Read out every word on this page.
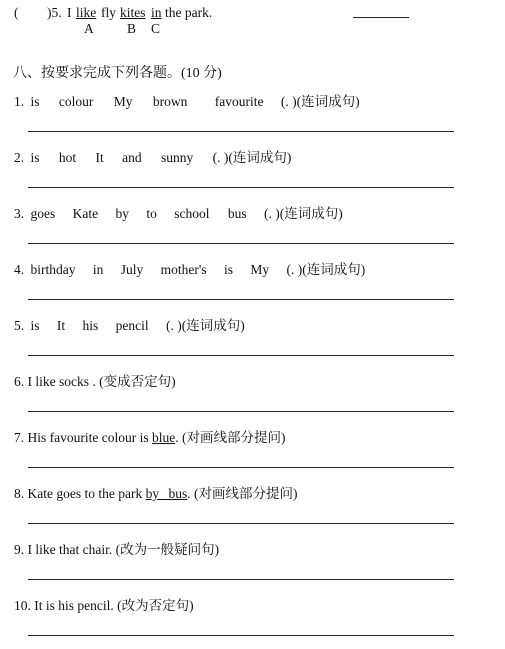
( )5. I like fly kites in the park.
A B C
八、按要求完成下列各题。(10 分)
1. is colour My brown favourite (. )(连词成句)
2. is hot It and sunny (. )(连词成句)
3. goes Kate by to school bus (. )(连词成句)
4. birthday in July mother's is My (. )(连词成句)
5. is It his pencil (. )(连词成句)
6. I like socks . (变成否定句)
7. His favourite colour is blue. (对画线部分提问)
8. Kate goes to the park by bus. (对画线部分提问)
9. I like that chair. (改为一般疑问句)
10. It is his pencil. (改为否定句)
